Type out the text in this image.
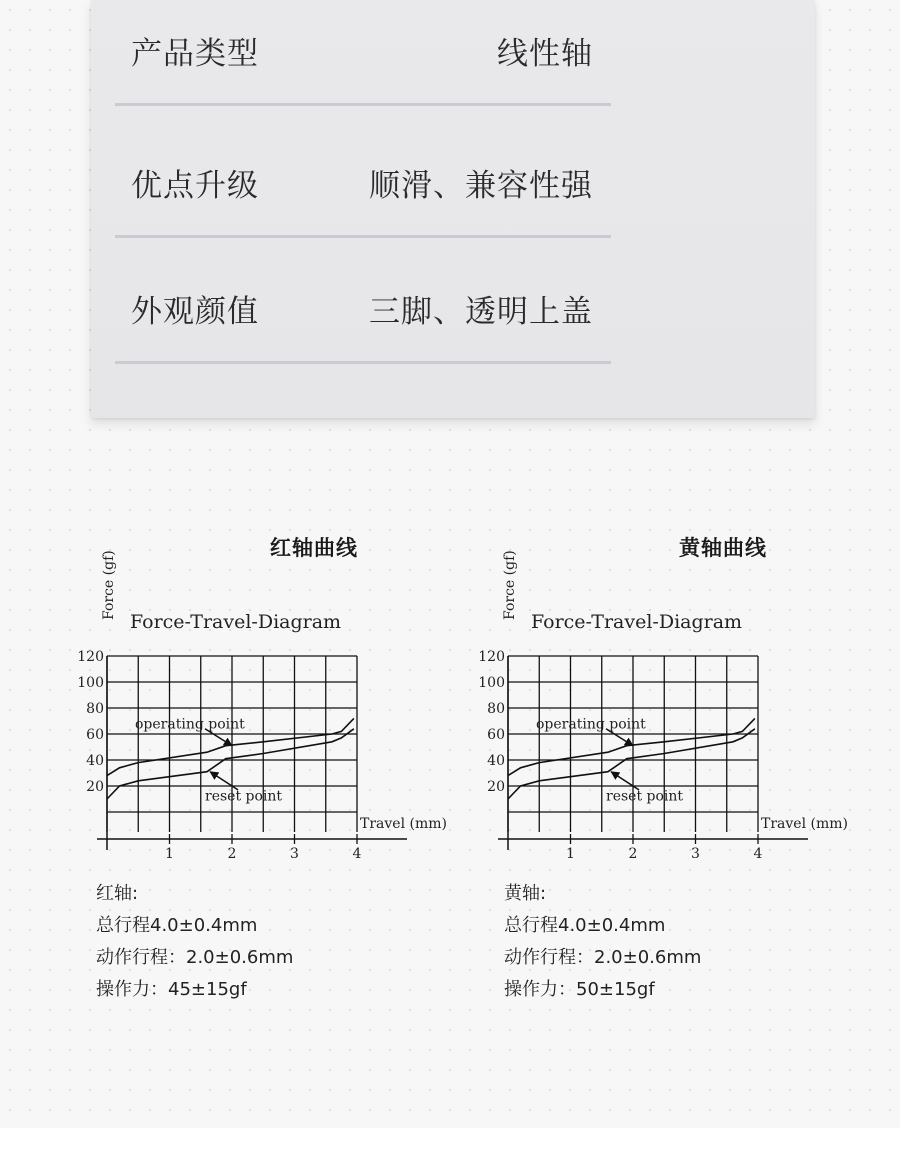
产品类型	线性轴
优点升级	顺滑、兼容性强
外观颜值	三脚、透明上盖
红轴曲线
20
40
60
80
100
120
1	2	3	4
Force-Travel-Diagram
Force (gf)
Travel (mm)
operating point
reset point
黄轴曲线
20
40
60
80
100
120
1	2	3	4
Force-Travel-Diagram
Force (gf)
Travel (mm)
operating point
reset point
红轴:
总行程4.0±0.4mm
动作行程：2.0±0.6mm
操作力：45±15gf
黄轴:
总行程4.0±0.4mm
动作行程：2.0±0.6mm
操作力：50±15gf
